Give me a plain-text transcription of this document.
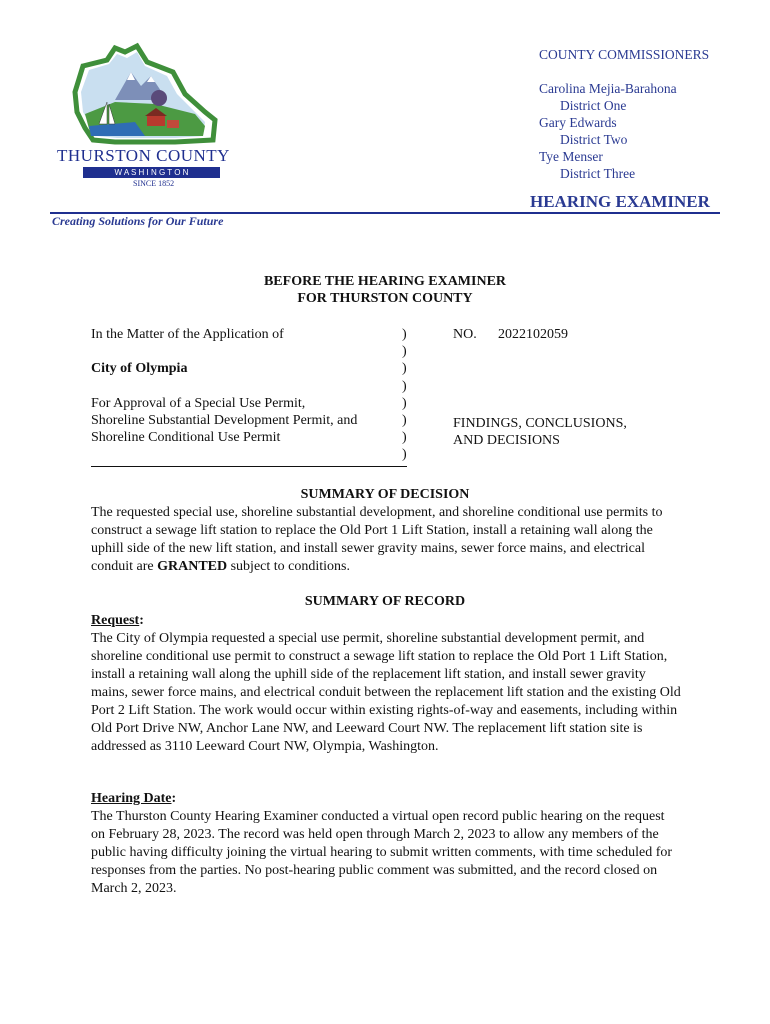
THURSTON COUNTY
W A S H I N G T O N
SINCE 1852
COUNTY COMMISSIONERS
Carolina Mejia-Barahona
District One
Gary Edwards
District Two
Tye Menser
District Three
HEARING EXAMINER
Creating Solutions for Our Future
BEFORE THE HEARING EXAMINER
FOR THURSTON COUNTY
In the Matter of the Application of

City of Olympia

For Approval of a Special Use Permit,
Shoreline Substantial Development Permit, and
Shoreline Conditional Use Permit
)
)
)
)
)
)
)
)
NO. 2022102059
FINDINGS, CONCLUSIONS,
AND DECISIONS
SUMMARY OF DECISION
The requested special use, shoreline substantial development, and shoreline conditional use permits to construct a sewage lift station to replace the Old Port 1 Lift Station, install a retaining wall along the uphill side of the new lift station, and install sewer gravity mains, sewer force mains, and electrical conduit are GRANTED subject to conditions.
SUMMARY OF RECORD
Request:
The City of Olympia requested a special use permit, shoreline substantial development permit, and shoreline conditional use permit to construct a sewage lift station to replace the Old Port 1 Lift Station, install a retaining wall along the uphill side of the replacement lift station, and install sewer gravity mains, sewer force mains, and electrical conduit between the replacement lift station and the existing Old Port 2 Lift Station. The work would occur within existing rights-of-way and easements, including within Old Port Drive NW, Anchor Lane NW, and Leeward Court NW. The replacement lift station site is addressed as 3110 Leeward Court NW, Olympia, Washington.
Hearing Date:
The Thurston County Hearing Examiner conducted a virtual open record public hearing on the request on February 28, 2023. The record was held open through March 2, 2023 to allow any members of the public having difficulty joining the virtual hearing to submit written comments, with time scheduled for responses from the parties. No post-hearing public comment was submitted, and the record closed on March 2, 2023.
